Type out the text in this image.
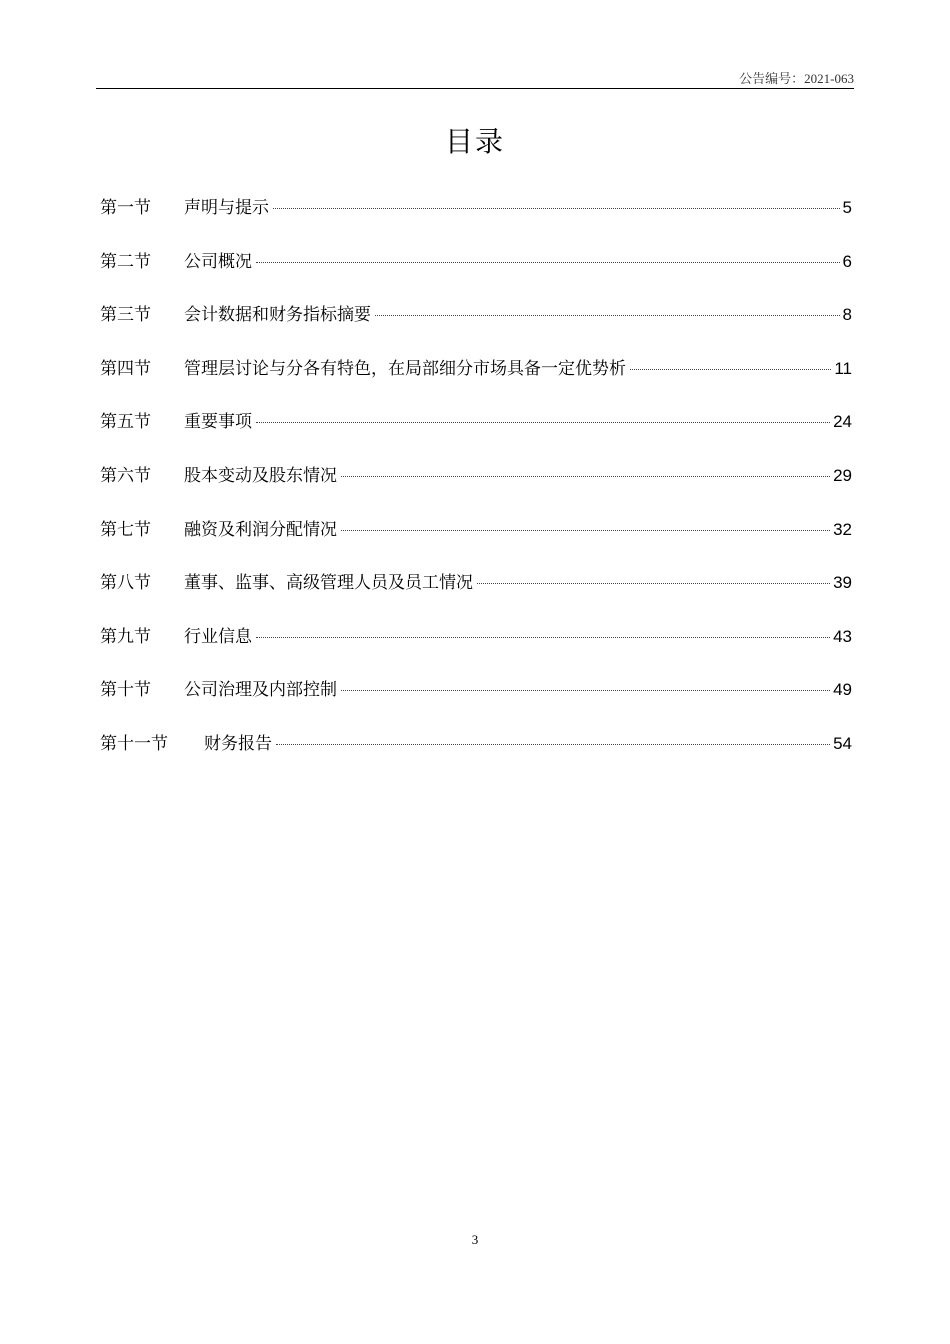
公告编号：2021-063
目录
第一节	声明与提示	5
第二节	公司概况	6
第三节	会计数据和财务指标摘要	8
第四节	管理层讨论与分各有特色，在局部细分市场具备一定优势析	11
第五节	重要事项	24
第六节	股本变动及股东情况	29
第七节	融资及利润分配情况	32
第八节	董事、监事、高级管理人员及员工情况	39
第九节	行业信息	43
第十节	公司治理及内部控制	49
第十一节	财务报告	54
3
